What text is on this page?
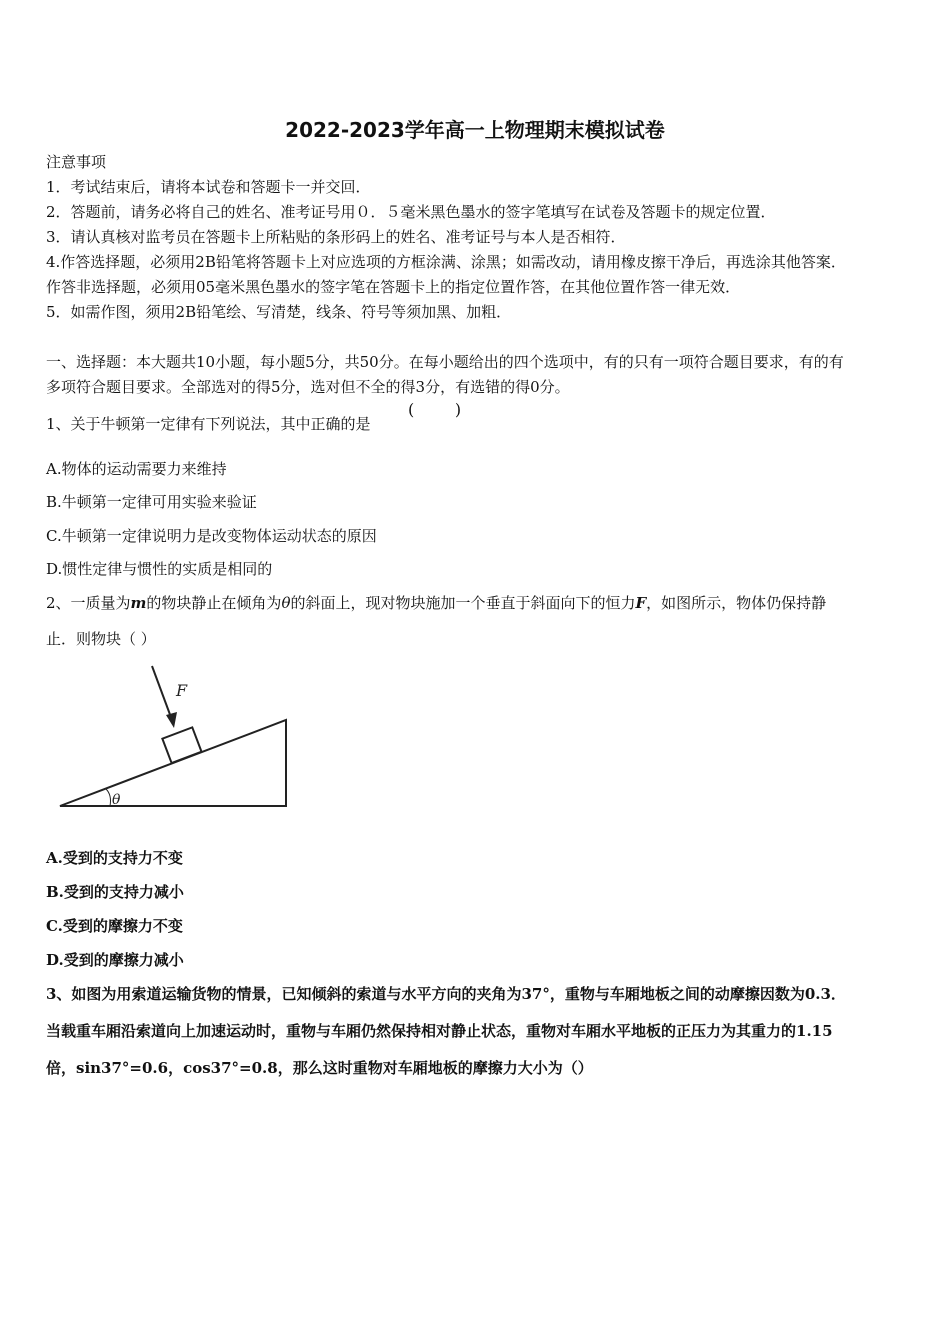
2022-2023学年高一上物理期末模拟试卷
注意事项
1．考试结束后，请将本试卷和答题卡一并交回．
2．答题前，请务必将自己的姓名、准考证号用０．５毫米黑色墨水的签字笔填写在试卷及答题卡的规定位置．
3．请认真核对监考员在答题卡上所粘贴的条形码上的姓名、准考证号与本人是否相符．
4.作答选择题，必须用2B铅笔将答题卡上对应选项的方框涂满、涂黑；如需改动，请用橡皮擦干净后，再选涂其他答案．
作答非选择题，必须用05毫米黑色墨水的签字笔在答题卡上的指定位置作答，在其他位置作答一律无效．
5．如需作图，须用2B铅笔绘、写清楚，线条、符号等须加黑、加粗．
一、选择题：本大题共10小题，每小题5分，共50分。在每小题给出的四个选项中，有的只有一项符合题目要求，有的有
多项符合题目要求。全部选对的得5分，选对但不全的得3分，有选错的得0分。
1、关于牛顿第一定律有下列说法，其中正确的是
(        )
A.物体的运动需要力来维持
B.牛顿第一定律可用实验来验证
C.牛顿第一定律说明力是改变物体运动状态的原因
D.惯性定律与惯性的实质是相同的
2、一质量为m的物块静止在倾角为θ的斜面上，现对物块施加一个垂直于斜面向下的恒力F，如图所示，物体仍保持静
止．则物块（ ）
F
θ
A.受到的支持力不变
B.受到的支持力减小
C.受到的摩擦力不变
D.受到的摩擦力减小
3、如图为用索道运输货物的情景，已知倾斜的索道与水平方向的夹角为37°，重物与车厢地板之间的动摩擦因数为0.3．
当载重车厢沿索道向上加速运动时，重物与车厢仍然保持相对静止状态，重物对车厢水平地板的正压力为其重力的1.15
倍，sin37°=0.6，cos37°=0.8，那么这时重物对车厢地板的摩擦力大小为（）
